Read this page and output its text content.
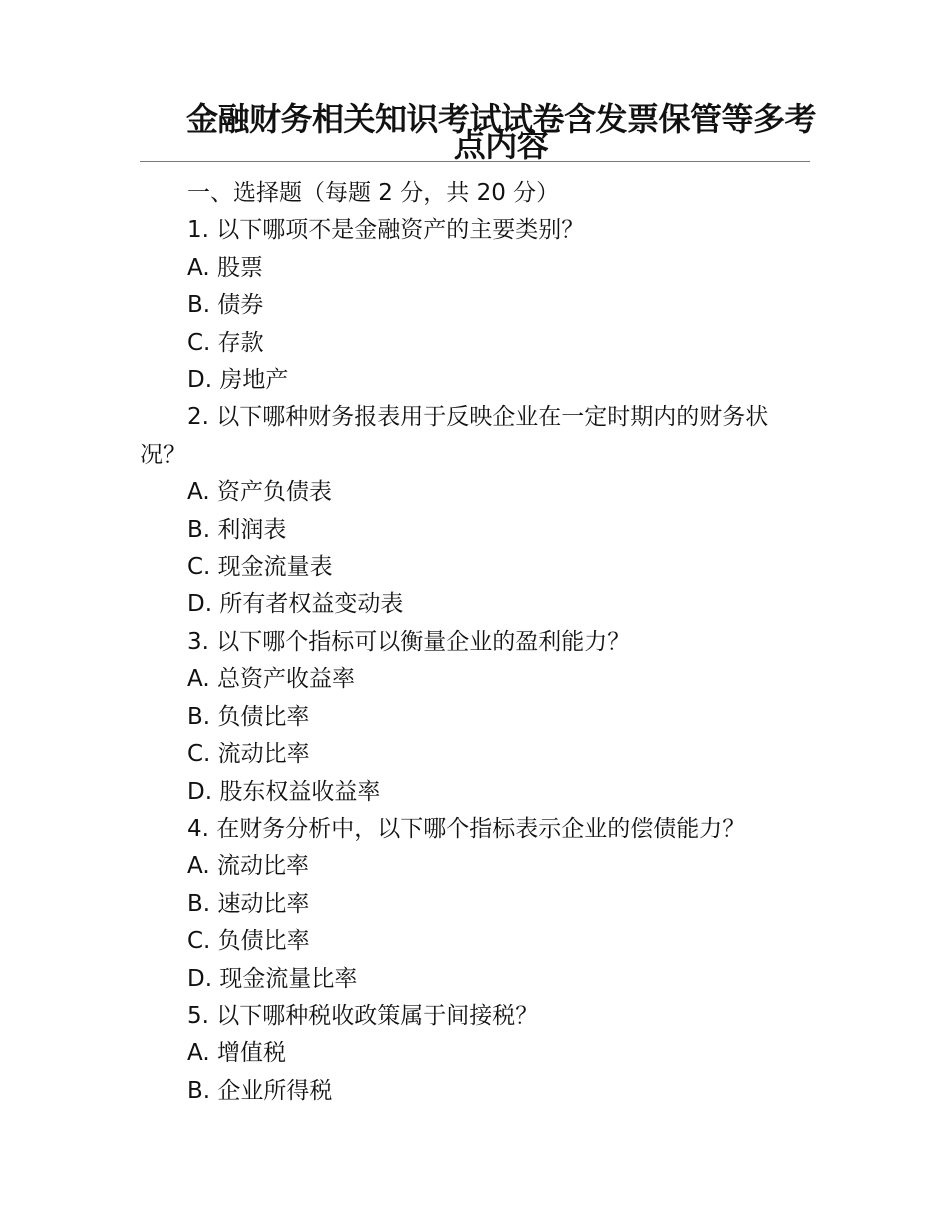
金融财务相关知识考试试卷含发票保管等多考点内容

一、选择题（每题 2 分，共 20 分）

1. 以下哪项不是金融资产的主要类别？

A. 股票

B. 债券

C. 存款

D. 房地产

2. 以下哪种财务报表用于反映企业在一定时期内的财务状况？

A. 资产负债表

B. 利润表

C. 现金流量表

D. 所有者权益变动表

3. 以下哪个指标可以衡量企业的盈利能力？

A. 总资产收益率

B. 负债比率

C. 流动比率

D. 股东权益收益率

4. 在财务分析中，以下哪个指标表示企业的偿债能力？

A. 流动比率

B. 速动比率

C. 负债比率

D. 现金流量比率

5. 以下哪种税收政策属于间接税？

A. 增值税

B. 企业所得税
